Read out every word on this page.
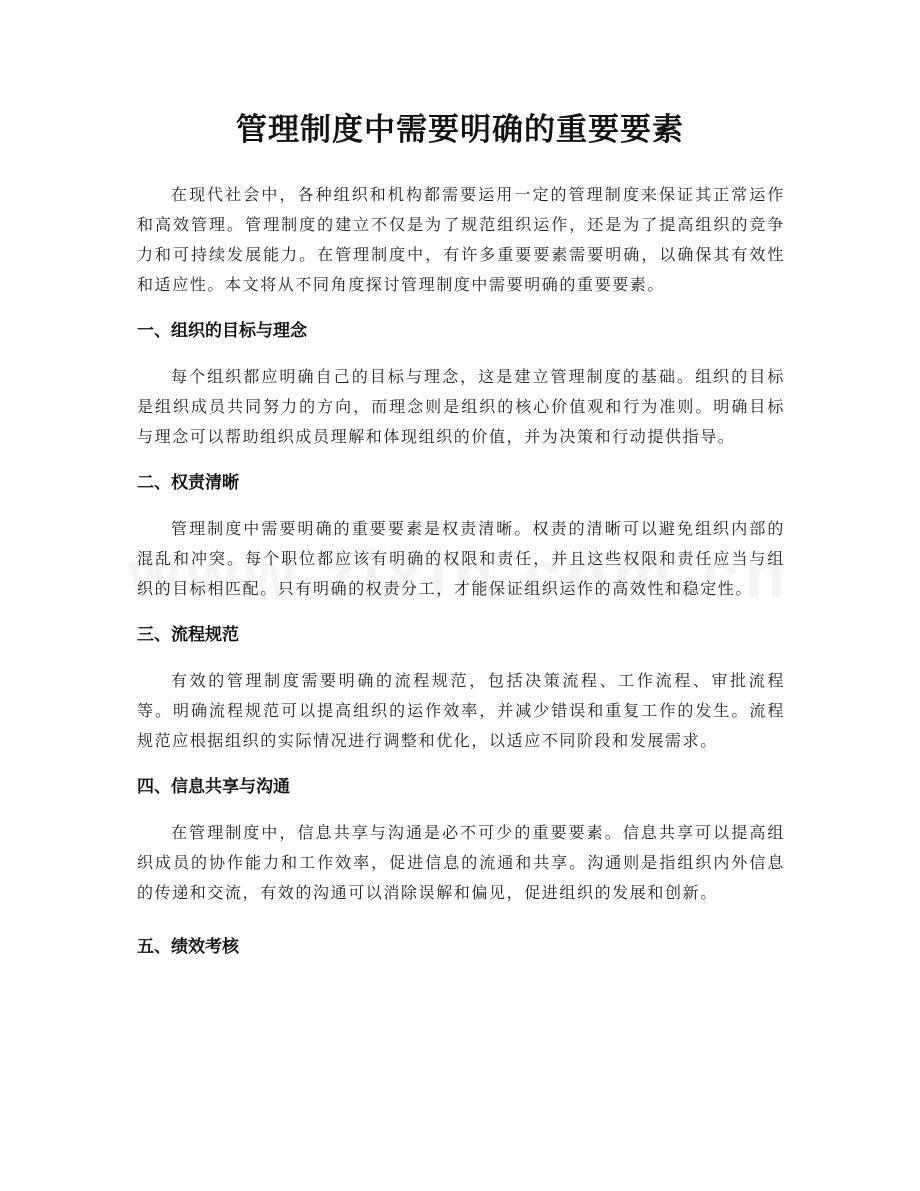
管理制度中需要明确的重要要素

在现代社会中，各种组织和机构都需要运用一定的管理制度来保证其正常运作和高效管理。管理制度的建立不仅是为了规范组织运作，还是为了提高组织的竞争力和可持续发展能力。在管理制度中，有许多重要要素需要明确，以确保其有效性和适应性。本文将从不同角度探讨管理制度中需要明确的重要要素。

一、组织的目标与理念

每个组织都应明确自己的目标与理念，这是建立管理制度的基础。组织的目标是组织成员共同努力的方向，而理念则是组织的核心价值观和行为准则。明确目标与理念可以帮助组织成员理解和体现组织的价值，并为决策和行动提供指导。

二、权责清晰

管理制度中需要明确的重要要素是权责清晰。权责的清晰可以避免组织内部的混乱和冲突。每个职位都应该有明确的权限和责任，并且这些权限和责任应当与组织的目标相匹配。只有明确的权责分工，才能保证组织运作的高效性和稳定性。

三、流程规范

有效的管理制度需要明确的流程规范，包括决策流程、工作流程、审批流程等。明确流程规范可以提高组织的运作效率，并减少错误和重复工作的发生。流程规范应根据组织的实际情况进行调整和优化，以适应不同阶段和发展需求。

四、信息共享与沟通

在管理制度中，信息共享与沟通是必不可少的重要要素。信息共享可以提高组织成员的协作能力和工作效率，促进信息的流通和共享。沟通则是指组织内外信息的传递和交流，有效的沟通可以消除误解和偏见，促进组织的发展和创新。

五、绩效考核
